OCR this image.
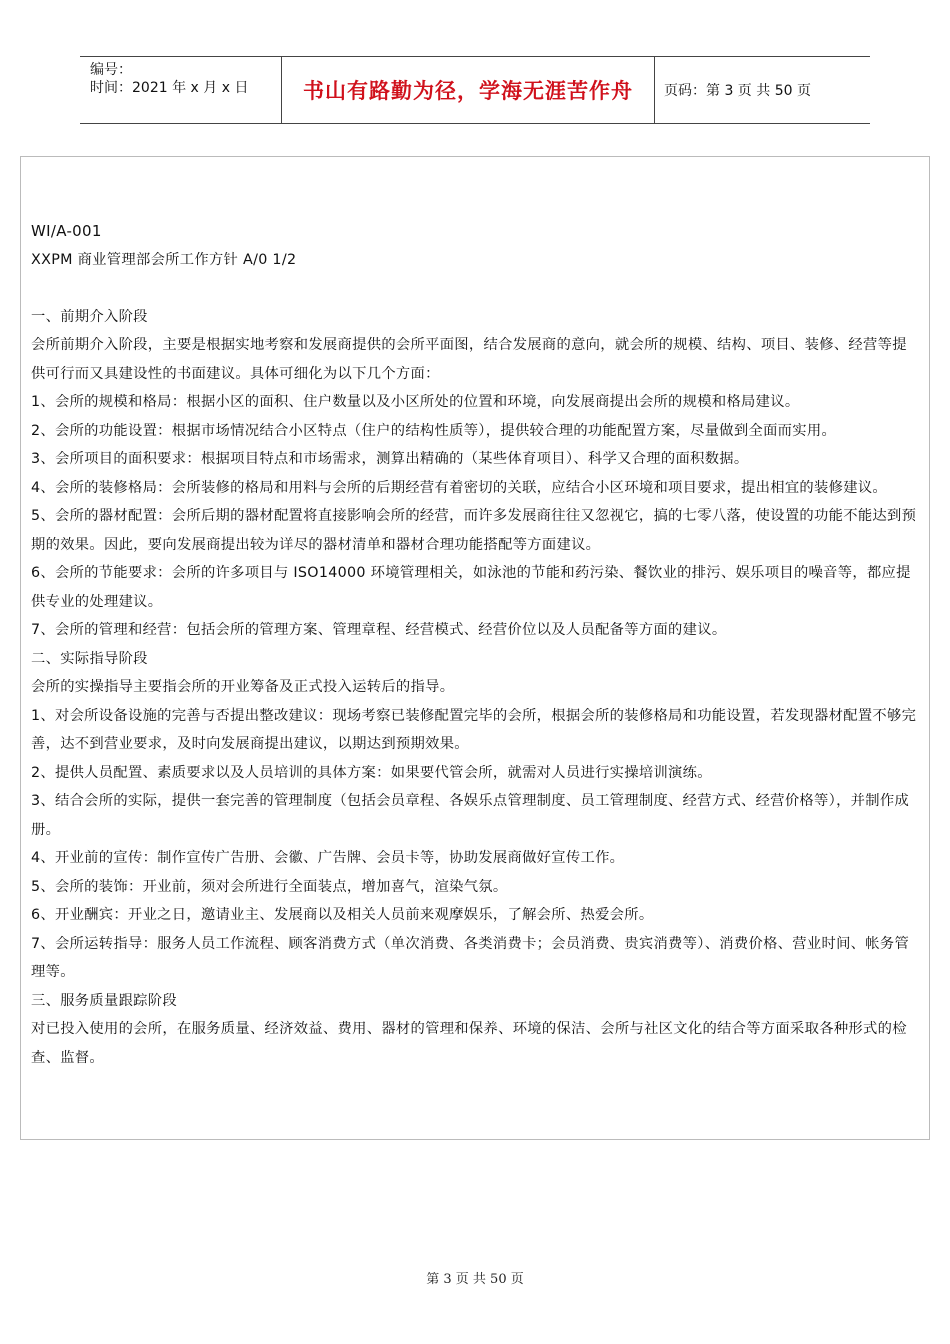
编号：
时间：2021 年 x 月 x 日	书山有路勤为径，学海无涯苦作舟	页码：第 3 页 共 50 页

WI/A-001

XXPM 商业管理部会所工作方针 A/0 1/2

一、前期介入阶段

会所前期介入阶段，主要是根据实地考察和发展商提供的会所平面图，结合发展商的意向，就会所的规模、结构、项目、装修、经营等提供可行而又具建设性的书面建议。具体可细化为以下几个方面：

1、会所的规模和格局：根据小区的面积、住户数量以及小区所处的位置和环境，向发展商提出会所的规模和格局建议。

2、会所的功能设置：根据市场情况结合小区特点（住户的结构性质等），提供较合理的功能配置方案，尽量做到全面而实用。

3、会所项目的面积要求：根据项目特点和市场需求，测算出精确的（某些体育项目）、科学又合理的面积数据。

4、会所的装修格局：会所装修的格局和用料与会所的后期经营有着密切的关联，应结合小区环境和项目要求，提出相宜的装修建议。

5、会所的器材配置：会所后期的器材配置将直接影响会所的经营，而许多发展商往往又忽视它，搞的七零八落，使设置的功能不能达到预期的效果。因此，要向发展商提出较为详尽的器材清单和器材合理功能搭配等方面建议。

6、会所的节能要求：会所的许多项目与 ISO14000 环境管理相关，如泳池的节能和药污染、餐饮业的排污、娱乐项目的噪音等，都应提供专业的处理建议。

7、会所的管理和经营：包括会所的管理方案、管理章程、经营模式、经营价位以及人员配备等方面的建议。

二、实际指导阶段

会所的实操指导主要指会所的开业筹备及正式投入运转后的指导。

1、对会所设备设施的完善与否提出整改建议：现场考察已装修配置完毕的会所，根据会所的装修格局和功能设置，若发现器材配置不够完善，达不到营业要求，及时向发展商提出建议，以期达到预期效果。

2、提供人员配置、素质要求以及人员培训的具体方案：如果要代管会所，就需对人员进行实操培训演练。

3、结合会所的实际，提供一套完善的管理制度（包括会员章程、各娱乐点管理制度、员工管理制度、经营方式、经营价格等），并制作成册。

4、开业前的宣传：制作宣传广告册、会徽、广告牌、会员卡等，协助发展商做好宣传工作。

5、会所的装饰：开业前，须对会所进行全面装点，增加喜气，渲染气氛。

6、开业酬宾：开业之日，邀请业主、发展商以及相关人员前来观摩娱乐，了解会所、热爱会所。

7、会所运转指导：服务人员工作流程、顾客消费方式（单次消费、各类消费卡；会员消费、贵宾消费等）、消费价格、营业时间、帐务管理等。

三、服务质量跟踪阶段

对已投入使用的会所，在服务质量、经济效益、费用、器材的管理和保养、环境的保洁、会所与社区文化的结合等方面采取各种形式的检查、监督。

第 3 页 共 50 页
